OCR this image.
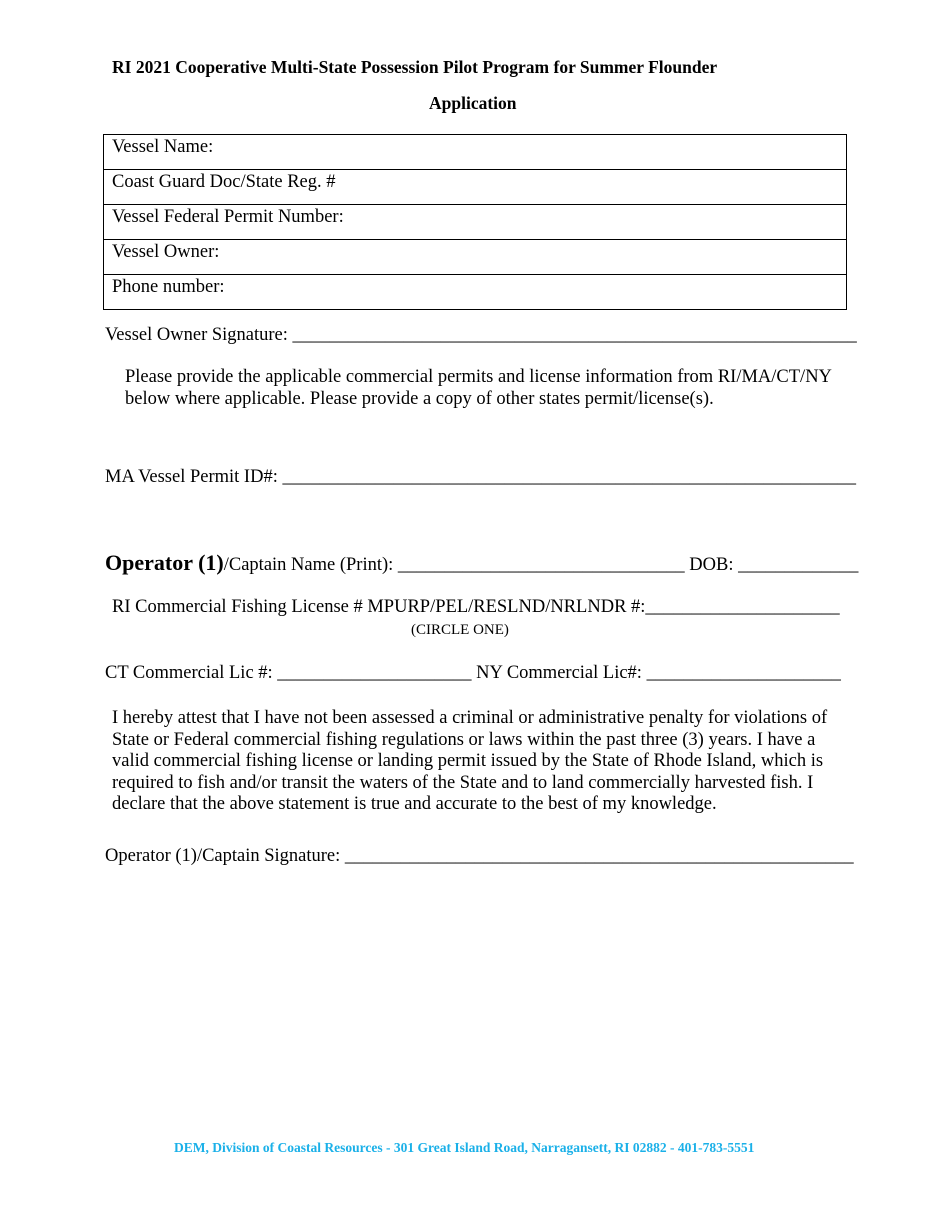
RI 2021 Cooperative Multi-State Possession Pilot Program for Summer Flounder
Application
Vessel Name:
Coast Guard Doc/State Reg. #
Vessel Federal Permit Number:
Vessel Owner:
Phone number:
Vessel Owner Signature: _____________________________________________________________
Please provide the applicable commercial permits and license information from RI/MA/CT/NY
below where applicable. Please provide a copy of other states permit/license(s).
MA Vessel Permit ID#: ______________________________________________________________
Operator (1)/Captain Name (Print): _______________________________ DOB: _____________
RI Commercial Fishing License # MPURP/PEL/RESLND/NRLNDR #:_____________________
(CIRCLE ONE)
CT Commercial Lic #: _____________________ NY Commercial Lic#: _____________________
I hereby attest that I have not been assessed a criminal or administrative penalty for violations of
State or Federal commercial fishing regulations or laws within the past three (3) years. I have a
valid commercial fishing license or landing permit issued by the State of Rhode Island, which is
required to fish and/or transit the waters of the State and to land commercially harvested fish. I
declare that the above statement is true and accurate to the best of my knowledge.
Operator (1)/Captain Signature: _______________________________________________________
DEM, Division of Coastal Resources - 301 Great Island Road, Narragansett, RI 02882 - 401-783-5551
